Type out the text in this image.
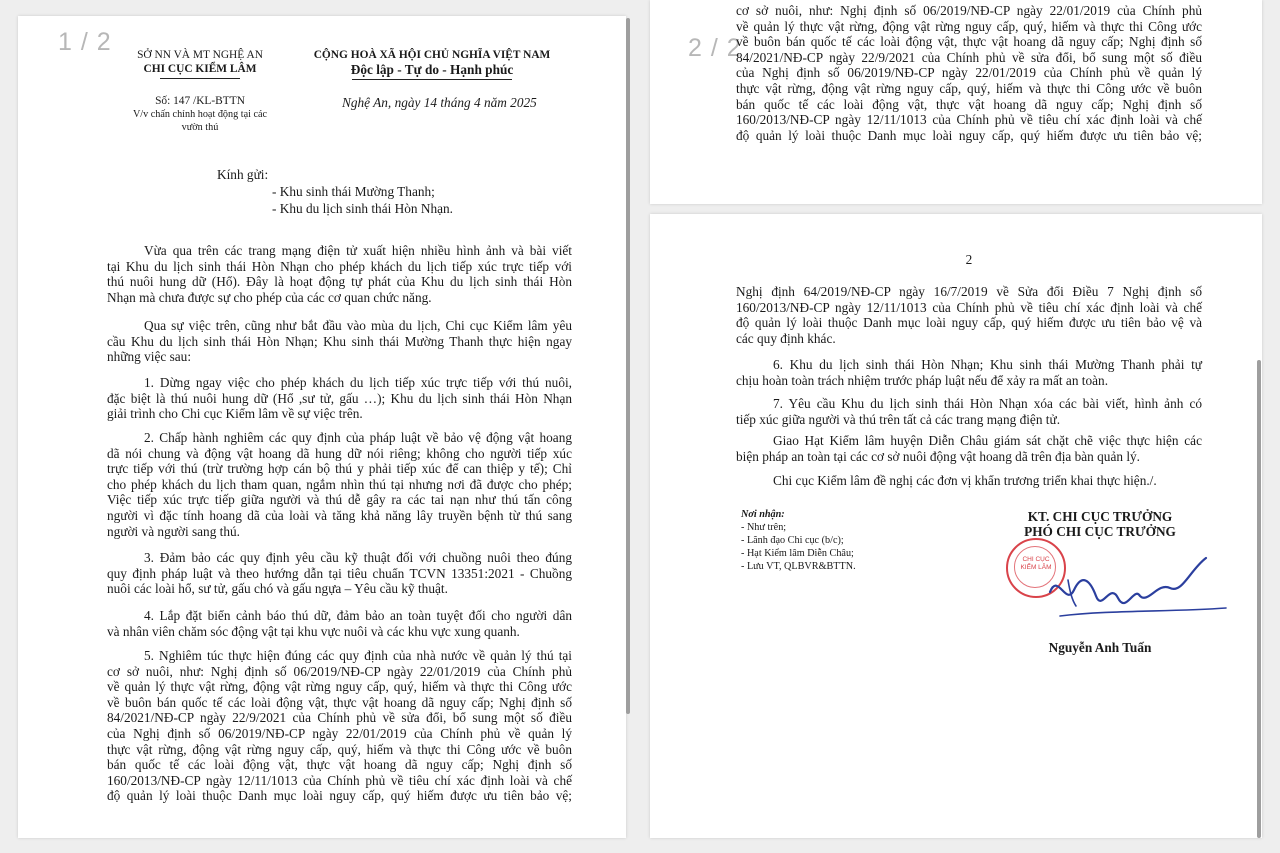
1 / 2	2 / 2
SỞ NN VÀ MT NGHỆ AN
CHI CỤC KIỂM LÂM
CỘNG HOÀ XÃ HỘI CHỦ NGHĨA VIỆT NAM
Độc lập - Tự do - Hạnh phúc
Số: 147 /KL-BTTN
V/v chấn chỉnh hoạt động tại các
vườn thú
Nghệ An, ngày 14 tháng 4 năm 2025
Kính gửi:
- Khu sinh thái Mường Thanh;
- Khu du lịch sinh thái Hòn Nhạn.
Vừa qua trên các trang mạng điện tử xuất hiện nhiều hình ảnh và bài viết
tại Khu du lịch sinh thái Hòn Nhạn cho phép khách du lịch tiếp xúc trực tiếp với
thú nuôi hung dữ (Hổ). Đây là hoạt động tự phát của Khu du lịch sinh thái Hòn
Nhạn mà chưa được sự cho phép của các cơ quan chức năng.
Qua sự việc trên, cũng như bắt đầu vào mùa du lịch, Chi cục Kiểm lâm yêu
cầu Khu du lịch sinh thái Hòn Nhạn; Khu sinh thái Mường Thanh thực hiện ngay
những việc sau:
1. Dừng ngay việc cho phép khách du lịch tiếp xúc trực tiếp với thú nuôi,
đặc biệt là thú nuôi hung dữ (Hổ ,sư tử, gấu …); Khu du lịch sinh thái Hòn Nhạn
giải trình cho Chi cục Kiểm lâm về sự việc trên.
2. Chấp hành nghiêm các quy định của pháp luật về bảo vệ động vật hoang
dã nói chung và động vật hoang dã hung dữ nói riêng; không cho người tiếp xúc
trực tiếp với thú (trừ trường hợp cán bộ thú y phải tiếp xúc để can thiệp y tế); Chỉ
cho phép khách du lịch tham quan, ngắm nhìn thú tại nhưng nơi đã được cho phép;
Việc tiếp xúc trực tiếp giữa người và thú dễ gây ra các tai nạn như thú tấn công
người vì đặc tính hoang dã của loài và tăng khả năng lây truyền bệnh từ thú sang
người và người sang thú.
3. Đảm bảo các quy định yêu cầu kỹ thuật đối với chuồng nuôi theo đúng
quy định pháp luật và theo hướng dẫn tại tiêu chuẩn TCVN 13351:2021 - Chuồng
nuôi các loài hổ, sư tử, gấu chó và gấu ngựa – Yêu cầu kỹ thuật.
4. Lắp đặt biển cảnh báo thú dữ, đảm bảo an toàn tuyệt đối cho người dân
và nhân viên chăm sóc động vật tại khu vực nuôi và các khu vực xung quanh.
5. Nghiêm túc thực hiện đúng các quy định của nhà nước về quản lý thú tại
cơ sở nuôi, như: Nghị định số 06/2019/NĐ-CP ngày 22/01/2019 của Chính phủ
về quản lý thực vật rừng, động vật rừng nguy cấp, quý, hiếm và thực thi Công ước
về buôn bán quốc tế các loài động vật, thực vật hoang dã nguy cấp; Nghị định số
84/2021/NĐ-CP ngày 22/9/2021 của Chính phủ về sửa đổi, bổ sung một số điều
của Nghị định số 06/2019/NĐ-CP ngày 22/01/2019 của Chính phủ về quản lý
thực vật rừng, động vật rừng nguy cấp, quý, hiếm và thực thi Công ước về buôn
bán quốc tế các loài động vật, thực vật hoang dã nguy cấp; Nghị định số
160/2013/NĐ-CP ngày 12/11/1013 của Chính phủ về tiêu chí xác định loài và chế
độ quản lý loài thuộc Danh mục loài nguy cấp, quý hiếm được ưu tiên bảo vệ;
cơ sở nuôi, như: Nghị định số 06/2019/NĐ-CP ngày 22/01/2019 của Chính phủ
về quản lý thực vật rừng, động vật rừng nguy cấp, quý, hiếm và thực thi Công ước
về buôn bán quốc tế các loài động vật, thực vật hoang dã nguy cấp; Nghị định số
84/2021/NĐ-CP ngày 22/9/2021 của Chính phủ về sửa đổi, bổ sung một số điều
của Nghị định số 06/2019/NĐ-CP ngày 22/01/2019 của Chính phủ về quản lý
thực vật rừng, động vật rừng nguy cấp, quý, hiếm và thực thi Công ước về buôn
bán quốc tế các loài động vật, thực vật hoang dã nguy cấp; Nghị định số
160/2013/NĐ-CP ngày 12/11/1013 của Chính phủ về tiêu chí xác định loài và chế
độ quản lý loài thuộc Danh mục loài nguy cấp, quý hiếm được ưu tiên bảo vệ;
2
Nghị định 64/2019/NĐ-CP ngày 16/7/2019 về Sửa đổi Điều 7 Nghị định số
160/2013/NĐ-CP ngày 12/11/1013 của Chính phủ về tiêu chí xác định loài và chế
độ quản lý loài thuộc Danh mục loài nguy cấp, quý hiếm được ưu tiên bảo vệ và
các quy định khác.
6. Khu du lịch sinh thái Hòn Nhạn; Khu sinh thái Mường Thanh phải tự
chịu hoàn toàn trách nhiệm trước pháp luật nếu để xảy ra mất an toàn.
7. Yêu cầu Khu du lịch sinh thái Hòn Nhạn xóa các bài viết, hình ảnh có
tiếp xúc giữa người và thú trên tất cả các trang mạng điện tử.
Giao Hạt Kiểm lâm huyện Diễn Châu giám sát chặt chẽ việc thực hiện các
biện pháp an toàn tại các cơ sở nuôi động vật hoang dã trên địa bàn quản lý.
Chi cục Kiểm lâm đề nghị các đơn vị khẩn trương triển khai thực hiện./.
Nơi nhận:
- Như trên;
- Lãnh đạo Chi cục (b/c);
- Hạt Kiểm lâm Diễn Châu;
- Lưu VT, QLBVR&BTTN.
KT. CHI CỤC TRƯỞNG
PHÓ CHI CỤC TRƯỞNG
CHI CỤC
KIỂM LÂM
Nguyễn Anh Tuấn
